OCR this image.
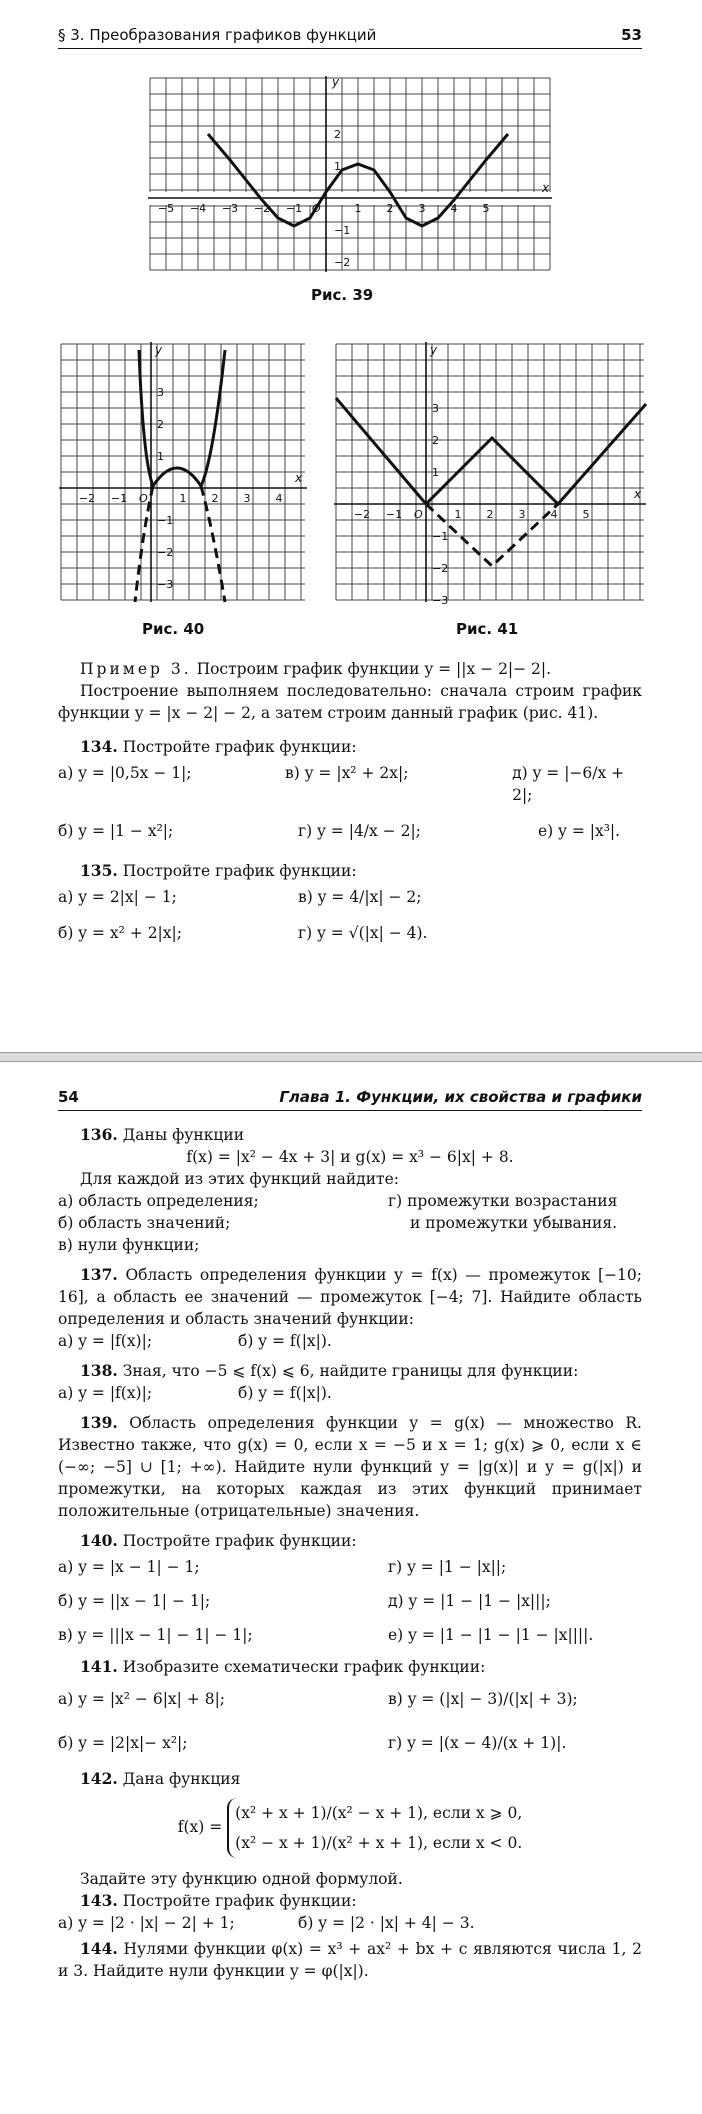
§ 3. Преобразования графиков функций	53
−5 −4 −3 −2 −1	1 2 3 4 5
2
1
−1
−2
O
y
x
Рис. 39
−2 −1	1 2 3 4
3
2
1
−1
−2
−3
O
y
x
Рис. 40
−2 −1	1 2 3 4 5
3
2
1
−1
−2
−3
O
y
x
Рис. 41

Пример 3. Построим график функции y = ||x − 2|− 2|.

Построение выполняем последовательно: сначала строим график функции y = |x − 2| − 2, а затем строим данный график (рис. 41).

134. Постройте график функции:

а) y = |0,5x − 1|;	в) y = |x² + 2x|;	д) y = |−6/x + 2|;
б) y = |1 − x²|;	г) y = |4/x − 2|;	е) y = |x³|.

135. Постройте график функции:

а) y = 2|x| − 1;	в) y = 4/|x| − 2;
б) y = x² + 2|x|;	г) y = √(|x| − 4).
54	Глава 1. Функции, их свойства и графики

136. Даны функции

f(x) = |x² − 4x + 3| и g(x) = x³ − 6|x| + 8.

Для каждой из этих функций найдите:

а) область определения;	г) промежутки возрастания
б) область значений;	и промежутки убывания.

в) нули функции;

137. Область определения функции y = f(x) — промежуток [−10; 16], а область ее значений — промежуток [−4; 7]. Найдите область определения и область значений функции:

а) y = |f(x)|;	б) y = f(|x|).

138. Зная, что −5 ⩽ f(x) ⩽ 6, найдите границы для функции:

а) y = |f(x)|;	б) y = f(|x|).

139. Область определения функции y = g(x) — множество R. Известно также, что g(x) = 0, если x = −5 и x = 1; g(x) ⩾ 0, если x ∈ (−∞; −5] ∪ [1; +∞). Найдите нули функций y = |g(x)| и y = g(|x|) и промежутки, на которых каждая из этих функций принимает положительные (отрицательные) значения.

140. Постройте график функции:

а) y = |x − 1| − 1;	г) y = |1 − |x||;
б) y = ||x − 1| − 1|;	д) y = |1 − |1 − |x|||;
в) y = |||x − 1| − 1| − 1|;	е) y = |1 − |1 − |1 − |x||||.

141. Изобразите схематически график функции:

а) y = |x² − 6|x| + 8|;	в) y = (|x| − 3)/(|x| + 3);
б) y = |2|x|− x²|;	г) y = |(x − 4)/(x + 1)|.

142. Дана функция

f(x) =
(x² + x + 1)/(x² − x + 1), если x ⩾ 0,
(x² − x + 1)/(x² + x + 1), если x < 0.

Задайте эту функцию одной формулой.

143. Постройте график функции:

а) y = |2 · |x| − 2| + 1;	б) y = |2 · |x| + 4| − 3.

144. Нулями функции φ(x) = x³ + ax² + bx + c являются числа 1, 2 и 3. Найдите нули функции y = φ(|x|).
